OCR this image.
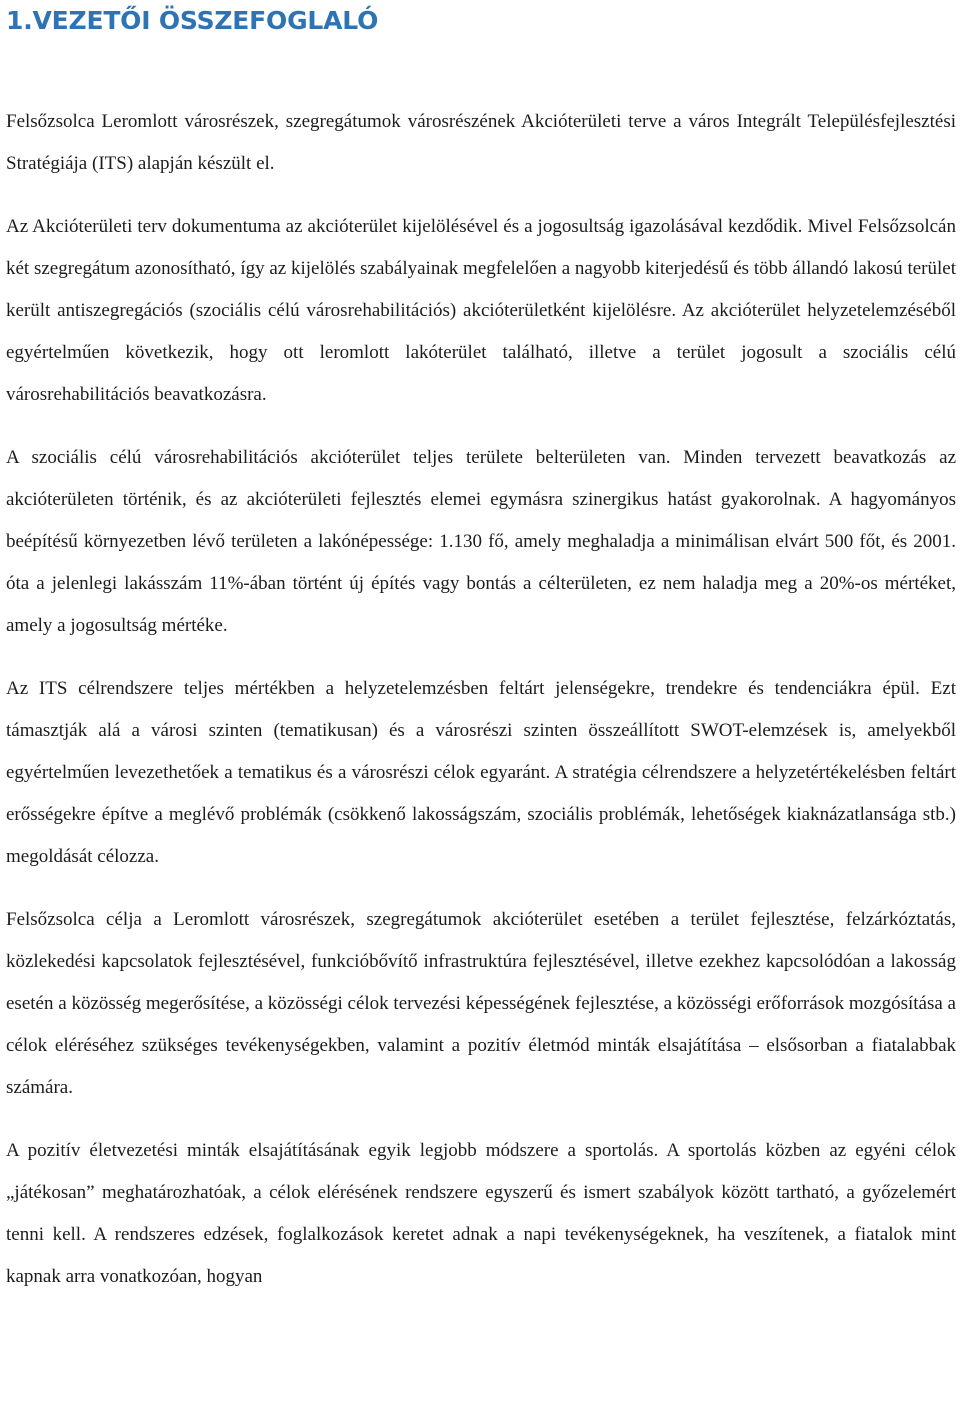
1.VEZETŐI ÖSSZEFOGLALÓ

Felsőzsolca Leromlott városrészek, szegregátumok városrészének Akcióterületi terve a város Integrált Településfejlesztési Stratégiája (ITS) alapján készült el.

Az Akcióterületi terv dokumentuma az akcióterület kijelölésével és a jogosultság igazolásával kezdődik. Mivel Felsőzsolcán két szegregátum azonosítható, így az kijelölés szabályainak megfelelően a nagyobb kiterjedésű és több állandó lakosú terület került antiszegregációs (szociális célú városrehabilitációs) akcióterületként kijelölésre. Az akcióterület helyzetelemzéséből egyértelműen következik, hogy ott leromlott lakóterület található, illetve a terület jogosult a szociális célú városrehabilitációs beavatkozásra.

A szociális célú városrehabilitációs akcióterület teljes területe belterületen van. Minden tervezett beavatkozás az akcióterületen történik, és az akcióterületi fejlesztés elemei egymásra szinergikus hatást gyakorolnak. A hagyományos beépítésű környezetben lévő területen a lakónépessége: 1.130 fő, amely meghaladja a minimálisan elvárt 500 főt, és 2001. óta a jelenlegi lakásszám 11%-ában történt új építés vagy bontás a célterületen, ez nem haladja meg a 20%-os mértéket, amely a jogosultság mértéke.

Az ITS célrendszere teljes mértékben a helyzetelemzésben feltárt jelenségekre, trendekre és tendenciákra épül. Ezt támasztják alá a városi szinten (tematikusan) és a városrészi szinten összeállított SWOT-elemzések is, amelyekből egyértelműen levezethetőek a tematikus és a városrészi célok egyaránt. A stratégia célrendszere a helyzetértékelésben feltárt erősségekre építve a meglévő problémák (csökkenő lakosságszám, szociális problémák, lehetőségek kiaknázatlansága stb.) megoldását célozza.

Felsőzsolca célja a Leromlott városrészek, szegregátumok akcióterület esetében a terület fejlesztése, felzárkóztatás, közlekedési kapcsolatok fejlesztésével, funkcióbővítő infrastruktúra fejlesztésével, illetve ezekhez kapcsolódóan a lakosság esetén a közösség megerősítése, a közösségi célok tervezési képességének fejlesztése, a közösségi erőforrások mozgósítása a célok eléréséhez szükséges tevékenységekben, valamint a pozitív életmód minták elsajátítása – elsősorban a fiatalabbak számára.

A pozitív életvezetési minták elsajátításának egyik legjobb módszere a sportolás. A sportolás közben az egyéni célok „játékosan” meghatározhatóak, a célok elérésének rendszere egyszerű és ismert szabályok között tartható, a győzelemért tenni kell. A rendszeres edzések, foglalkozások keretet adnak a napi tevékenységeknek, ha veszítenek, a fiatalok mint kapnak arra vonatkozóan, hogyan
